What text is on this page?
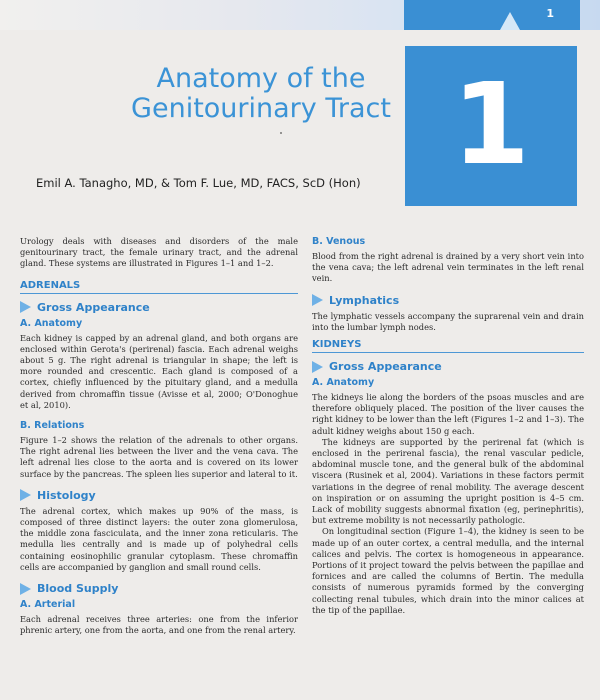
1
Anatomy of the
Genitourinary Tract 1
Emil A. Tanagho, MD, & Tom F. Lue, MD, FACS, ScD (Hon)

Urology deals with diseases and disorders of the male genitourinary tract, the female urinary tract, and the adrenal gland. These systems are illustrated in Figures 1–1 and 1–2.

ADRENALS
Gross Appearance
A. Anatomy

Each kidney is capped by an adrenal gland, and both organs are enclosed within Gerota's (perirenal) fascia. Each adrenal weighs about 5 g. The right adrenal is triangular in shape; the left is more rounded and crescentic. Each gland is composed of a cortex, chiefly influenced by the pituitary gland, and a medulla derived from chromaffin tissue (Avisse et al, 2000; O'Donoghue et al, 2010).

B. Relations

Figure 1–2 shows the relation of the adrenals to other organs. The right adrenal lies between the liver and the vena cava. The left adrenal lies close to the aorta and is covered on its lower surface by the pancreas. The spleen lies superior and lateral to it.

Histology

The adrenal cortex, which makes up 90% of the mass, is composed of three distinct layers: the outer zona glomerulosa, the middle zona fasciculata, and the inner zona reticularis. The medulla lies centrally and is made up of polyhedral cells containing eosinophilic granular cytoplasm. These chromaffin cells are accompanied by ganglion and small round cells.

Blood Supply
A. Arterial

Each adrenal receives three arteries: one from the inferior phrenic artery, one from the aorta, and one from the renal artery.

B. Venous

Blood from the right adrenal is drained by a very short vein into the vena cava; the left adrenal vein terminates in the left renal vein.

Lymphatics

The lymphatic vessels accompany the suprarenal vein and drain into the lumbar lymph nodes.

KIDNEYS
Gross Appearance
A. Anatomy

The kidneys lie along the borders of the psoas muscles and are therefore obliquely placed. The position of the liver causes the right kidney to be lower than the left (Figures 1–2 and 1–3). The adult kidney weighs about 150 g each.

The kidneys are supported by the perirenal fat (which is enclosed in the perirenal fascia), the renal vascular pedicle, abdominal muscle tone, and the general bulk of the abdominal viscera (Rusinek et al, 2004). Variations in these factors permit variations in the degree of renal mobility. The average descent on inspiration or on assuming the upright position is 4–5 cm. Lack of mobility suggests abnormal fixation (eg, perinephritis), but extreme mobility is not necessarily pathologic.

On longitudinal section (Figure 1–4), the kidney is seen to be made up of an outer cortex, a central medulla, and the internal calices and pelvis. The cortex is homogeneous in appearance. Portions of it project toward the pelvis between the papillae and fornices and are called the columns of Bertin. The medulla consists of numerous pyramids formed by the converging collecting renal tubules, which drain into the minor calices at the tip of the papillae.
